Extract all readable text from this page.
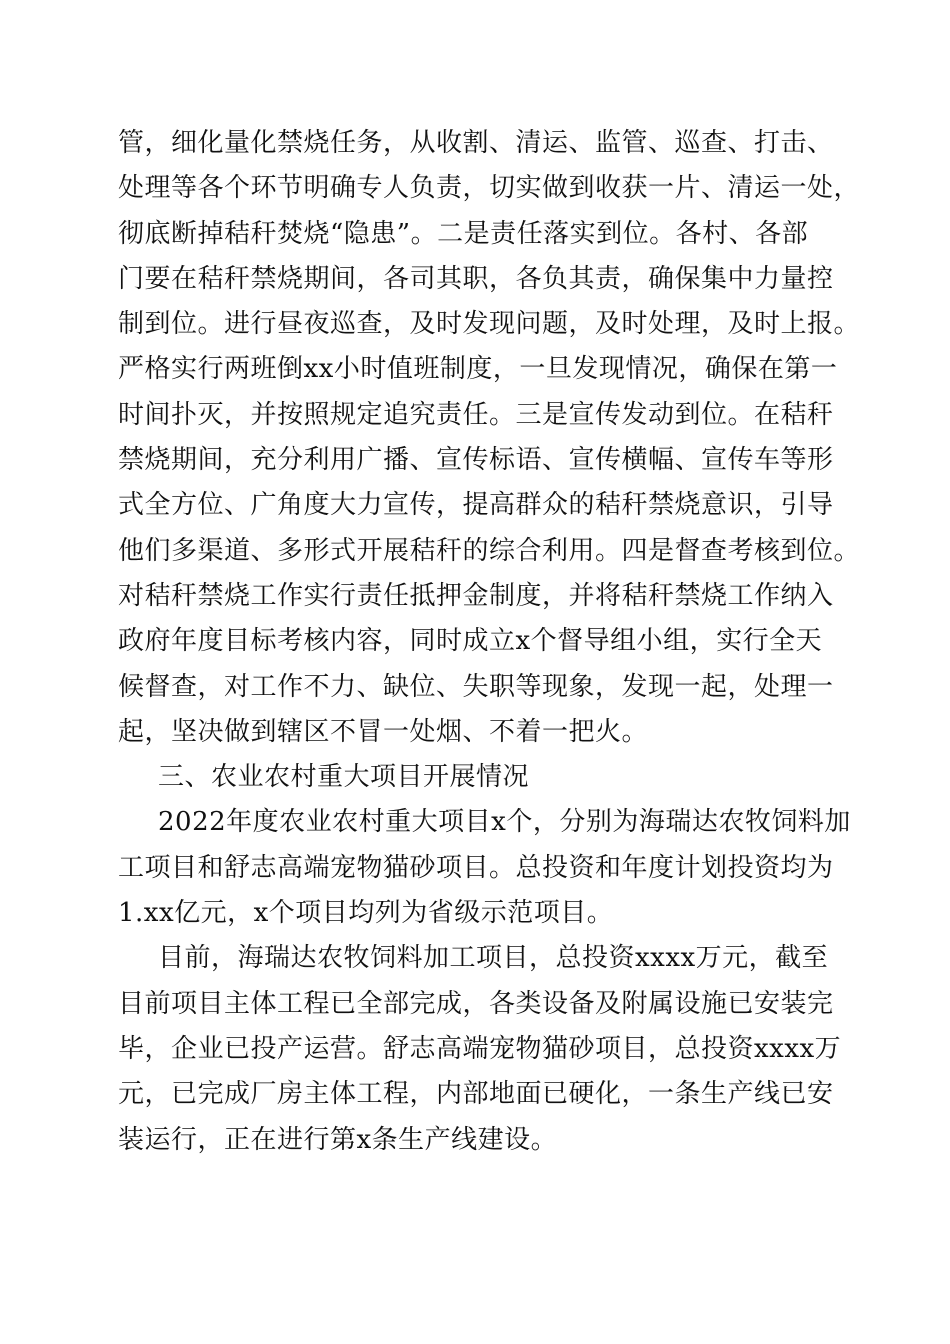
管，细化量化禁烧任务，从收割、清运、监管、巡查、打击、
处理等各个环节明确专人负责，切实做到收获一片、清运一处，
彻底断掉秸秆焚烧“隐患”。二是责任落实到位。各村、各部
门要在秸秆禁烧期间，各司其职，各负其责，确保集中力量控
制到位。进行昼夜巡查，及时发现问题，及时处理，及时上报。
严格实行两班倒xx小时值班制度，一旦发现情况，确保在第一
时间扑灭，并按照规定追究责任。三是宣传发动到位。在秸秆
禁烧期间，充分利用广播、宣传标语、宣传横幅、宣传车等形
式全方位、广角度大力宣传，提高群众的秸秆禁烧意识，引导
他们多渠道、多形式开展秸秆的综合利用。四是督查考核到位。
对秸秆禁烧工作实行责任抵押金制度，并将秸秆禁烧工作纳入
政府年度目标考核内容，同时成立x个督导组小组，实行全天
候督查，对工作不力、缺位、失职等现象，发现一起，处理一
起，坚决做到辖区不冒一处烟、不着一把火。
三、农业农村重大项目开展情况
2022年度农业农村重大项目x个，分别为海瑞达农牧饲料加
工项目和舒志高端宠物猫砂项目。总投资和年度计划投资均为
1.xx亿元，x个项目均列为省级示范项目。
目前，海瑞达农牧饲料加工项目，总投资xxxx万元，截至
目前项目主体工程已全部完成，各类设备及附属设施已安装完
毕，企业已投产运营。舒志高端宠物猫砂项目，总投资xxxx万
元，已完成厂房主体工程，内部地面已硬化，一条生产线已安
装运行，正在进行第x条生产线建设。
